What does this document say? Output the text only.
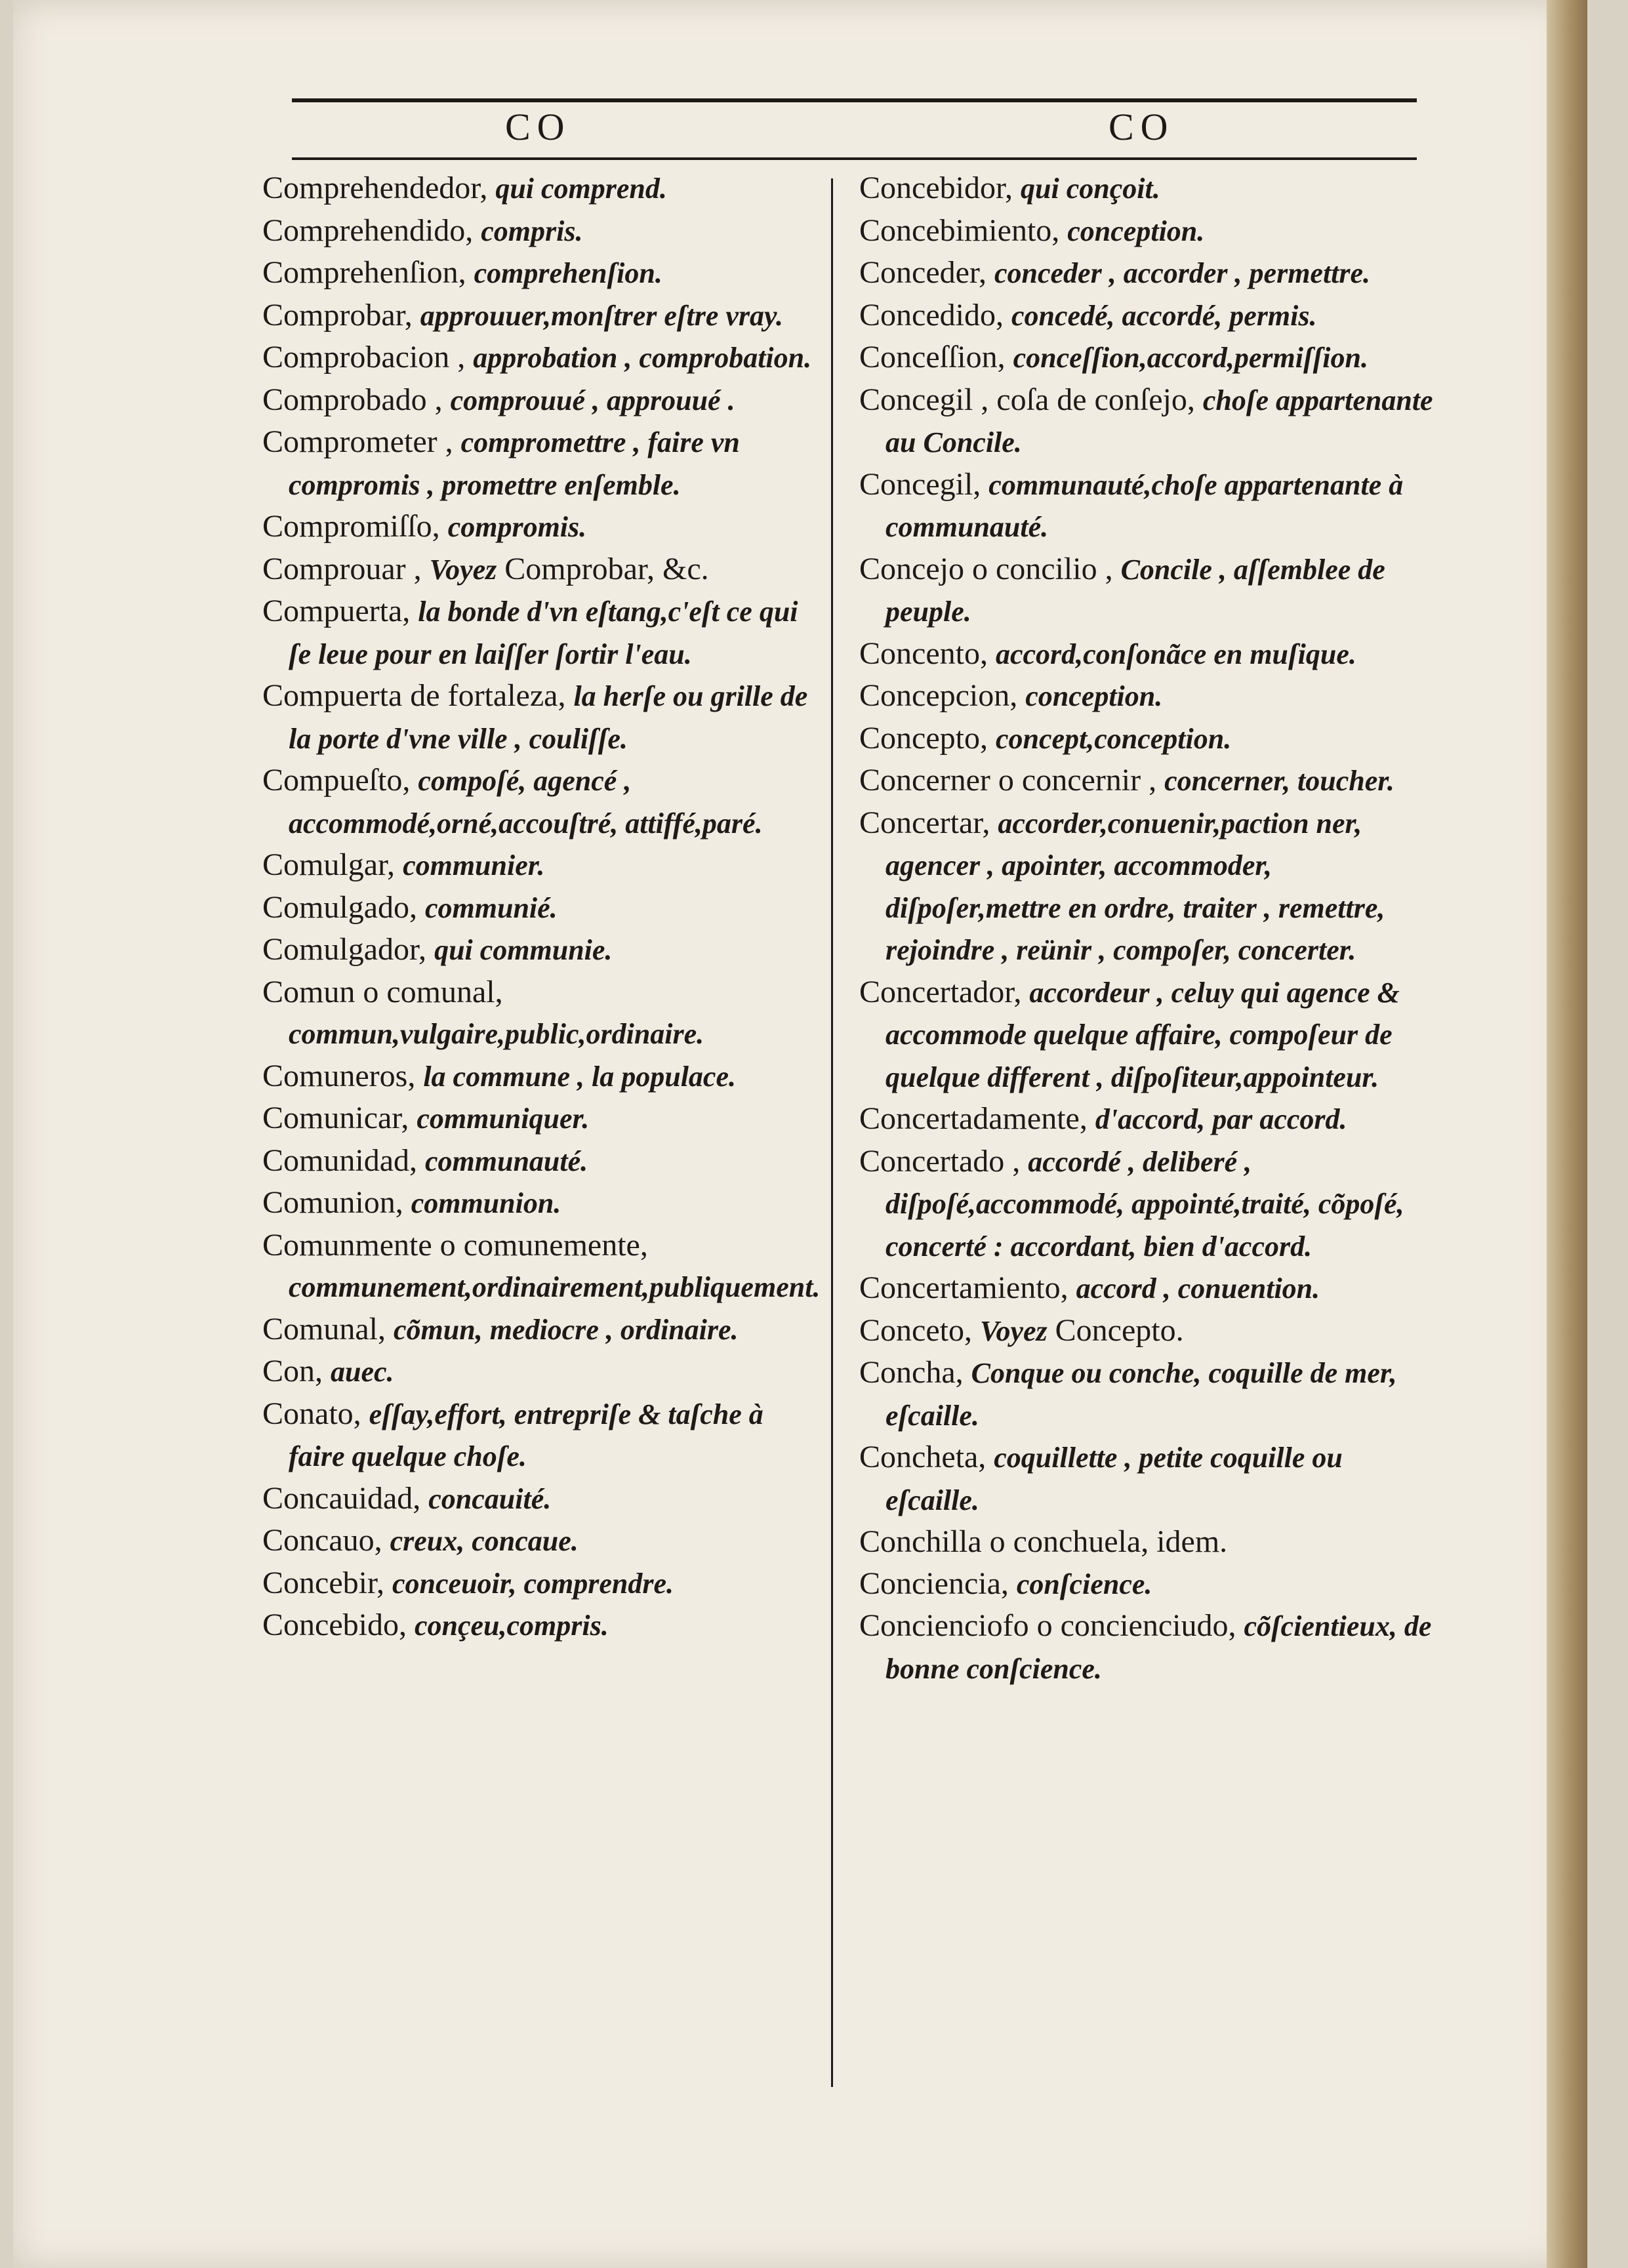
CO	CO
Comprehendedor, qui comprend.
Comprehendido, compris.
Comprehenſion, comprehenſion.
Comprobar, approuuer,monſtrer eſtre vray.
Comprobacion , approbation , comprobation.
Comprobado , comprouué , approuué .
Comprometer , compromettre , faire vn compromis , promettre enſemble.
Compromiſſo, compromis.
Comprouar , Voyez Comprobar, &c.
Compuerta, la bonde d'vn eſtang,c'eſt ce qui ſe leue pour en laiſſer ſortir l'eau.
Compuerta de fortaleza, la herſe ou grille de la porte d'vne ville , couliſſe.
Compueſto, compoſé, agencé , accommodé,orné,accouſtré, attiffé,paré.
Comulgar, communier.
Comulgado, communié.
Comulgador, qui communie.
Comun o comunal, commun,vulgaire,public,ordinaire.
Comuneros, la commune , la populace.
Comunicar, communiquer.
Comunidad, communauté.
Comunion, communion.
Comunmente o comunemente, communement,ordinairement,publiquement.
Comunal, cõmun, mediocre , ordinaire.
Con, auec.
Conato, eſſay,effort, entrepriſe & taſche à faire quelque choſe.
Concauidad, concauité.
Concauo, creux, concaue.
Concebir, conceuoir, comprendre.
Concebido, conçeu,compris.
Concebidor, qui conçoit.
Concebimiento, conception.
Conceder, conceder , accorder , permettre.
Concedido, concedé, accordé, permis.
Conceſſion, conceſſion,accord,permiſſion.
Concegil , coſa de conſejo, choſe appartenante au Concile.
Concegil, communauté,choſe appartenante à communauté.
Concejo o concilio , Concile , aſſemblee de peuple.
Concento, accord,conſonãce en muſique.
Concepcion, conception.
Concepto, concept,conception.
Concerner o concernir , concerner, toucher.
Concertar, accorder,conuenir,paction ner, agencer , apointer, accommoder, diſpoſer,mettre en ordre, traiter , remettre, rejoindre , reünir , compoſer, concerter.
Concertador, accordeur , celuy qui agence & accommode quelque affaire, compoſeur de quelque different , diſpoſiteur,appointeur.
Concertadamente, d'accord, par accord.
Concertado , accordé , deliberé , diſpoſé,accommodé, appointé,traité, cõpoſé, concerté : accordant, bien d'accord.
Concertamiento, accord , conuention.
Conceto, Voyez Concepto.
Concha, Conque ou conche, coquille de mer, eſcaille.
Concheta, coquillette , petite coquille ou eſcaille.
Conchilla o conchuela, idem.
Conciencia, conſcience.
Concienciofo o concienciudo, cõſcientieux, de bonne conſcience.
